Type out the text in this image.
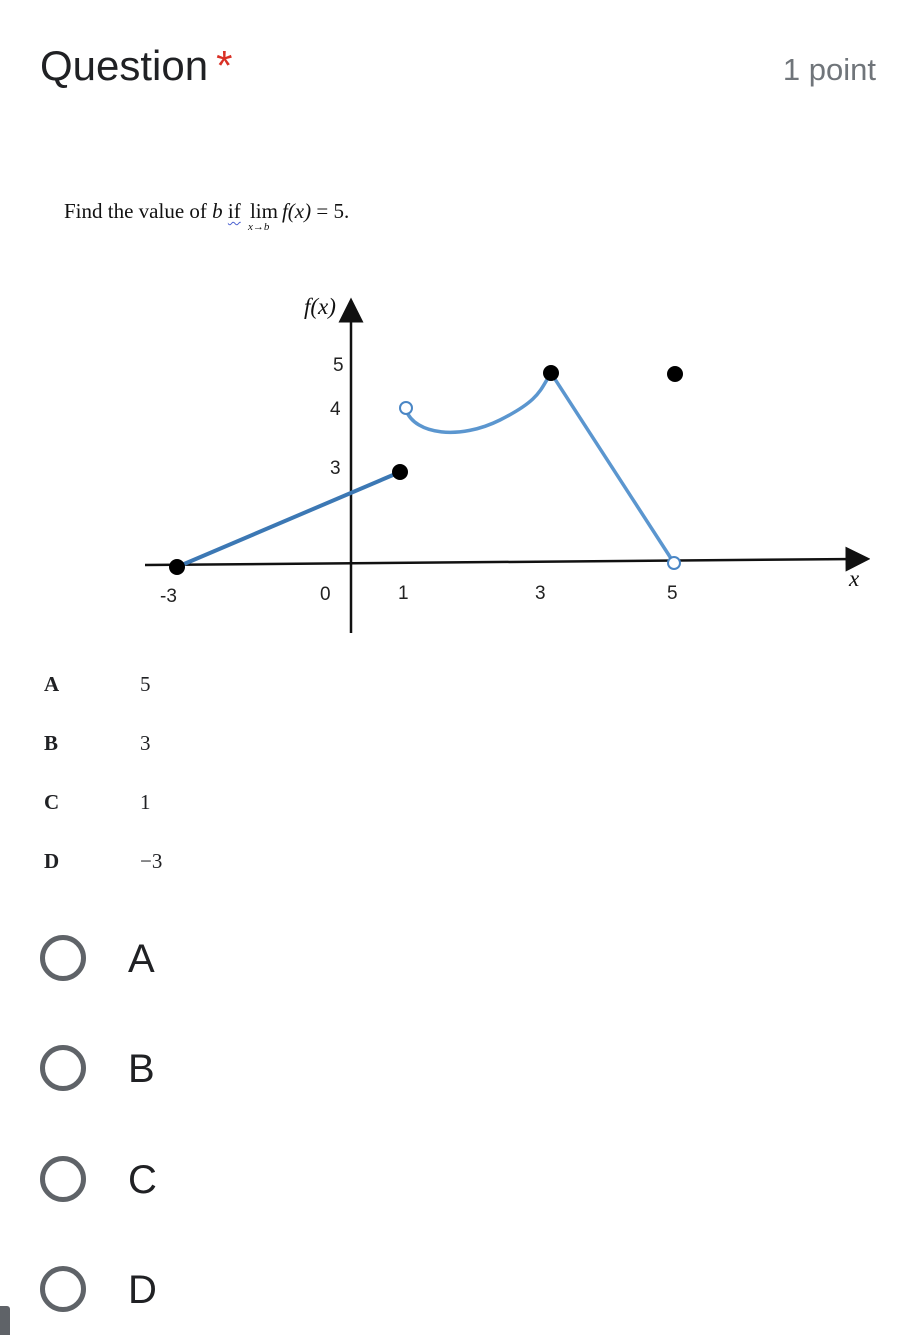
Question *	1 point
Find the value of b if lim
x→b
f(x) = 5.
f(x)
x
-3	0	1	3	5
3
4
5
A	5
B	3
C	1
D	−3
A
B
C
D
